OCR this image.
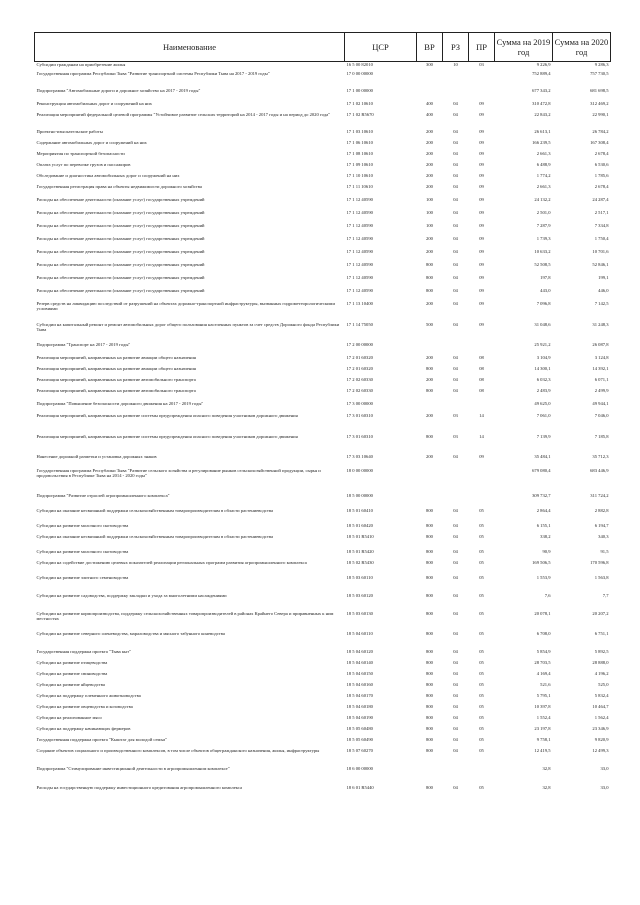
Наименование	ЦСР	ВР	РЗ	ПР	Сумма на 2019 год	Сумма на 2020 год
Субсидии гражданам на приобретение жилья	16 5 00 82010	300	10	03	9 226,9	9 286,3
Государственная программа Республики Тыва "Развитие транспортной системы Республики Тыва на 2017 - 2019 годы"	17 0 00 00000				752 889,4	757 730,5
Подпрограмма "Автомобильные дороги и дорожное хозяйство на 2017 - 2019 годы"	17 1 00 00000				677 343,2	681 698,5
Реконструкция автомобильных дорог и сооружений на них	17 1 02 10610	400	04	09	310 472,8	312 469,2
Реализация мероприятий федеральной целевой программы "Устойчивое развитие сельских территорий на 2014 - 2017 годы и на период до 2020 года"	17 1 02 R5670	400	04	09	22 843,2	22 990,1
Проектно-изыскательские работы	17 1 03 10610	200	04	09	26 613,1	26 784,2
Содержание автомобильных дорог и сооружений на них	17 1 06 10610	200	04	09	166 239,5	167 308,4
Мероприятия по транспортной безопасности	17 1 08 10610	200	04	09	2 661,3	2 678,4
Оплата услуг по перевозке грузов и пассажиров	17 1 09 10610	200	04	09	6 488,9	6 530,6
Обследование и диагностика автомобильных дорог и сооружений на них	17 1 10 10610	200	04	09	1 774,2	1 785,6
Государственная регистрация права на объекты недвижимости дорожного хозяйства	17 1 11 10610	200	04	09	2 661,3	2 678,4
Расходы на обеспечение деятельности (оказание услуг) государственных учреждений	17 1 12 40590	100	04	09	24 132,2	24 287,4
Расходы на обеспечение деятельности (оказание услуг) государственных учреждений	17 1 12 40590	100	04	09	2 501,0	2 517,1
Расходы на обеспечение деятельности (оказание услуг) государственных учреждений	17 1 12 40590	100	04	09	7 287,9	7 334,8
Расходы на обеспечение деятельности (оказание услуг) государственных учреждений	17 1 12 40590	200	04	09	1 739,3	1 750,4
Расходы на обеспечение деятельности (оказание услуг) государственных учреждений	17 1 12 40590	200	04	09	10 633,2	10 701,6
Расходы на обеспечение деятельности (оказание услуг) государственных учреждений	17 1 12 40590	800	04	09	52 508,5	52 846,1
Расходы на обеспечение деятельности (оказание услуг) государственных учреждений	17 1 12 40590	800	04	09	197,8	199,1
Расходы на обеспечение деятельности (оказание услуг) государственных учреждений	17 1 12 40590	800	04	09	443,0	446,0
Резерв средств на ликвидацию последствий от разрушений на объектах дорожно-транспортной инфраструктуры, вызванных гидрометеорологическими условиями	17 1 13 10400	200	04	09	7 096,8	7 142,5
Субсидии на капитальный ремонт и ремонт автомобильных дорог общего пользования населенных пунктов за счет средств Дорожного фонда Республики Тыва	17 1 14 75050	500	04	09	31 048,6	31 248,3
Подпрограмма "Транспорт на 2017 - 2019 годы"	17 2 00 00000				25 921,2	26 087,8
Реализация мероприятий, направленных на развитие авиации общего назначения	17 2 01 60320	200	04	08	3 104,9	3 124,8
Реализация мероприятий, направленных на развитие авиации общего назначения	17 2 01 60320	800	04	08	14 300,1	14 392,1
Реализация мероприятий, направленных на развитие автомобильного транспорта	17 2 02 60330	200	04	08	6 032,3	6 071,1
Реализация мероприятий, направленных на развитие автомобильного транспорта	17 2 02 60330	800	04	08	2 483,9	2 499,9
Подпрограмма "Повышение безопасности дорожного движения на 2017 - 2019 годы"	17 3 00 00000				49 625,0	49 944,1
Реализация мероприятий, направленных на развитие системы предупреждения опасного поведения участников дорожного движения	17 3 01 60310	200	03	14	7 061,0	7 046,0
Реализация мероприятий, направленных на развитие системы предупреждения опасного поведения участников дорожного движения	17 3 01 60310	800	03	14	7 139,9	7 185,8
Нанесение дорожной разметки и установка дорожных знаков	17 3 03 10640	200	04	09	35 484,1	35 712,3
Государственная программа Республики Тыва "Развитие сельского хозяйства и регулирование рынков сельскохозяйственной продукции, сырья и продовольствия в Республике Тыва на 2014 - 2020 годы"	18 0 00 00000				679 080,4	683 446,9
Подпрограмма "Развитие отраслей агропромышленного комплекса"	18 5 00 00000				309 732,7	311 724,2
Субсидии на оказание несвязанной поддержки сельскохозяйственным товаропроизводителям в области растениеводства	18 5 01 60410	800	04	05	2 864,4	2 882,8
Субсидии на развитие молочного скотоводства	18 5 01 60420	800	04	05	6 155,1	6 194,7
Субсидии на оказание несвязанной поддержки сельскохозяйственным товаропроизводителям в области растениеводства	18 5 01 R5410	800	04	05	338,2	340,3
Субсидии на развитие молочного скотоводства	18 5 01 R5420	800	04	05	90,9	91,5
Субсидии на содействие достижению целевых показателей реализации региональных программ развития агропромышленного комплекса	18 5 02 R5430	800	04	05	169 506,5	170 596,8
Субсидии на развитие элитного семеноводства	18 5 03 60110	800	04	05	1 553,9	1 563,8
Субсидии на развитие садоводства, поддержку закладки и ухода за многолетними насаждениями	18 5 03 60120	800	04	05	7,6	7,7
Субсидии на развитие кормопроизводства, поддержку сельскохозяйственных товаропроизводителей в районах Крайнего Севера и приравненных к ним местностях	18 5 03 60130	800	04	05	20 078,1	20 207,2
Субсидии на развитие северного оленеводства, мараловодства и мясного табунного коневодства	18 5 04 60110	800	04	05	6 708,0	6 751,1
Государственная поддержка проекта "Тыва кыт"	18 5 04 60120	800	04	05	5 854,9	5 892,5
Субсидии на развитие птицеводства	18 5 04 60140	800	04	05	28 703,5	28 888,0
Субсидии на развитие свиноводства	18 5 04 60150	800	04	05	4 169,4	4 196,2
Субсидии на развитие яйцеводства	18 5 04 60160	800	04	05	521,6	525,0
Субсидии на поддержку племенного животноводства	18 5 04 60170	800	04	05	5 795,1	5 832,4
Субсидии на развитие овцеводства и козоводства	18 5 04 60180	800	04	05	10 397,8	10 464,7
Субсидии на реализованное мясо	18 5 04 60190	800	04	05	1 552,4	1 562,4
Субсидии на поддержку начинающих фермеров	18 5 05 60480	800	04	05	23 197,8	23 346,9
Государственная поддержка проекта "Кыштаг для молодой семьи"	18 5 05 60490	800	04	05	9 758,1	9 820,9
Создание объектов социального и производственного комплексов, в том числе объектов общегражданского назначения, жилья, инфраструктуры	18 5 07 60270	800	04	05	12 419,5	12 499,3
Подпрограмма "Стимулирование инвестиционной деятельности в агропромышленном комплексе"	18 6 00 00000				32,8	33,0
Расходы на государственную поддержку инвестиционного кредитования агропромышленного комплекса	18 6 01 R5440	800	04	05	32,8	33,0
